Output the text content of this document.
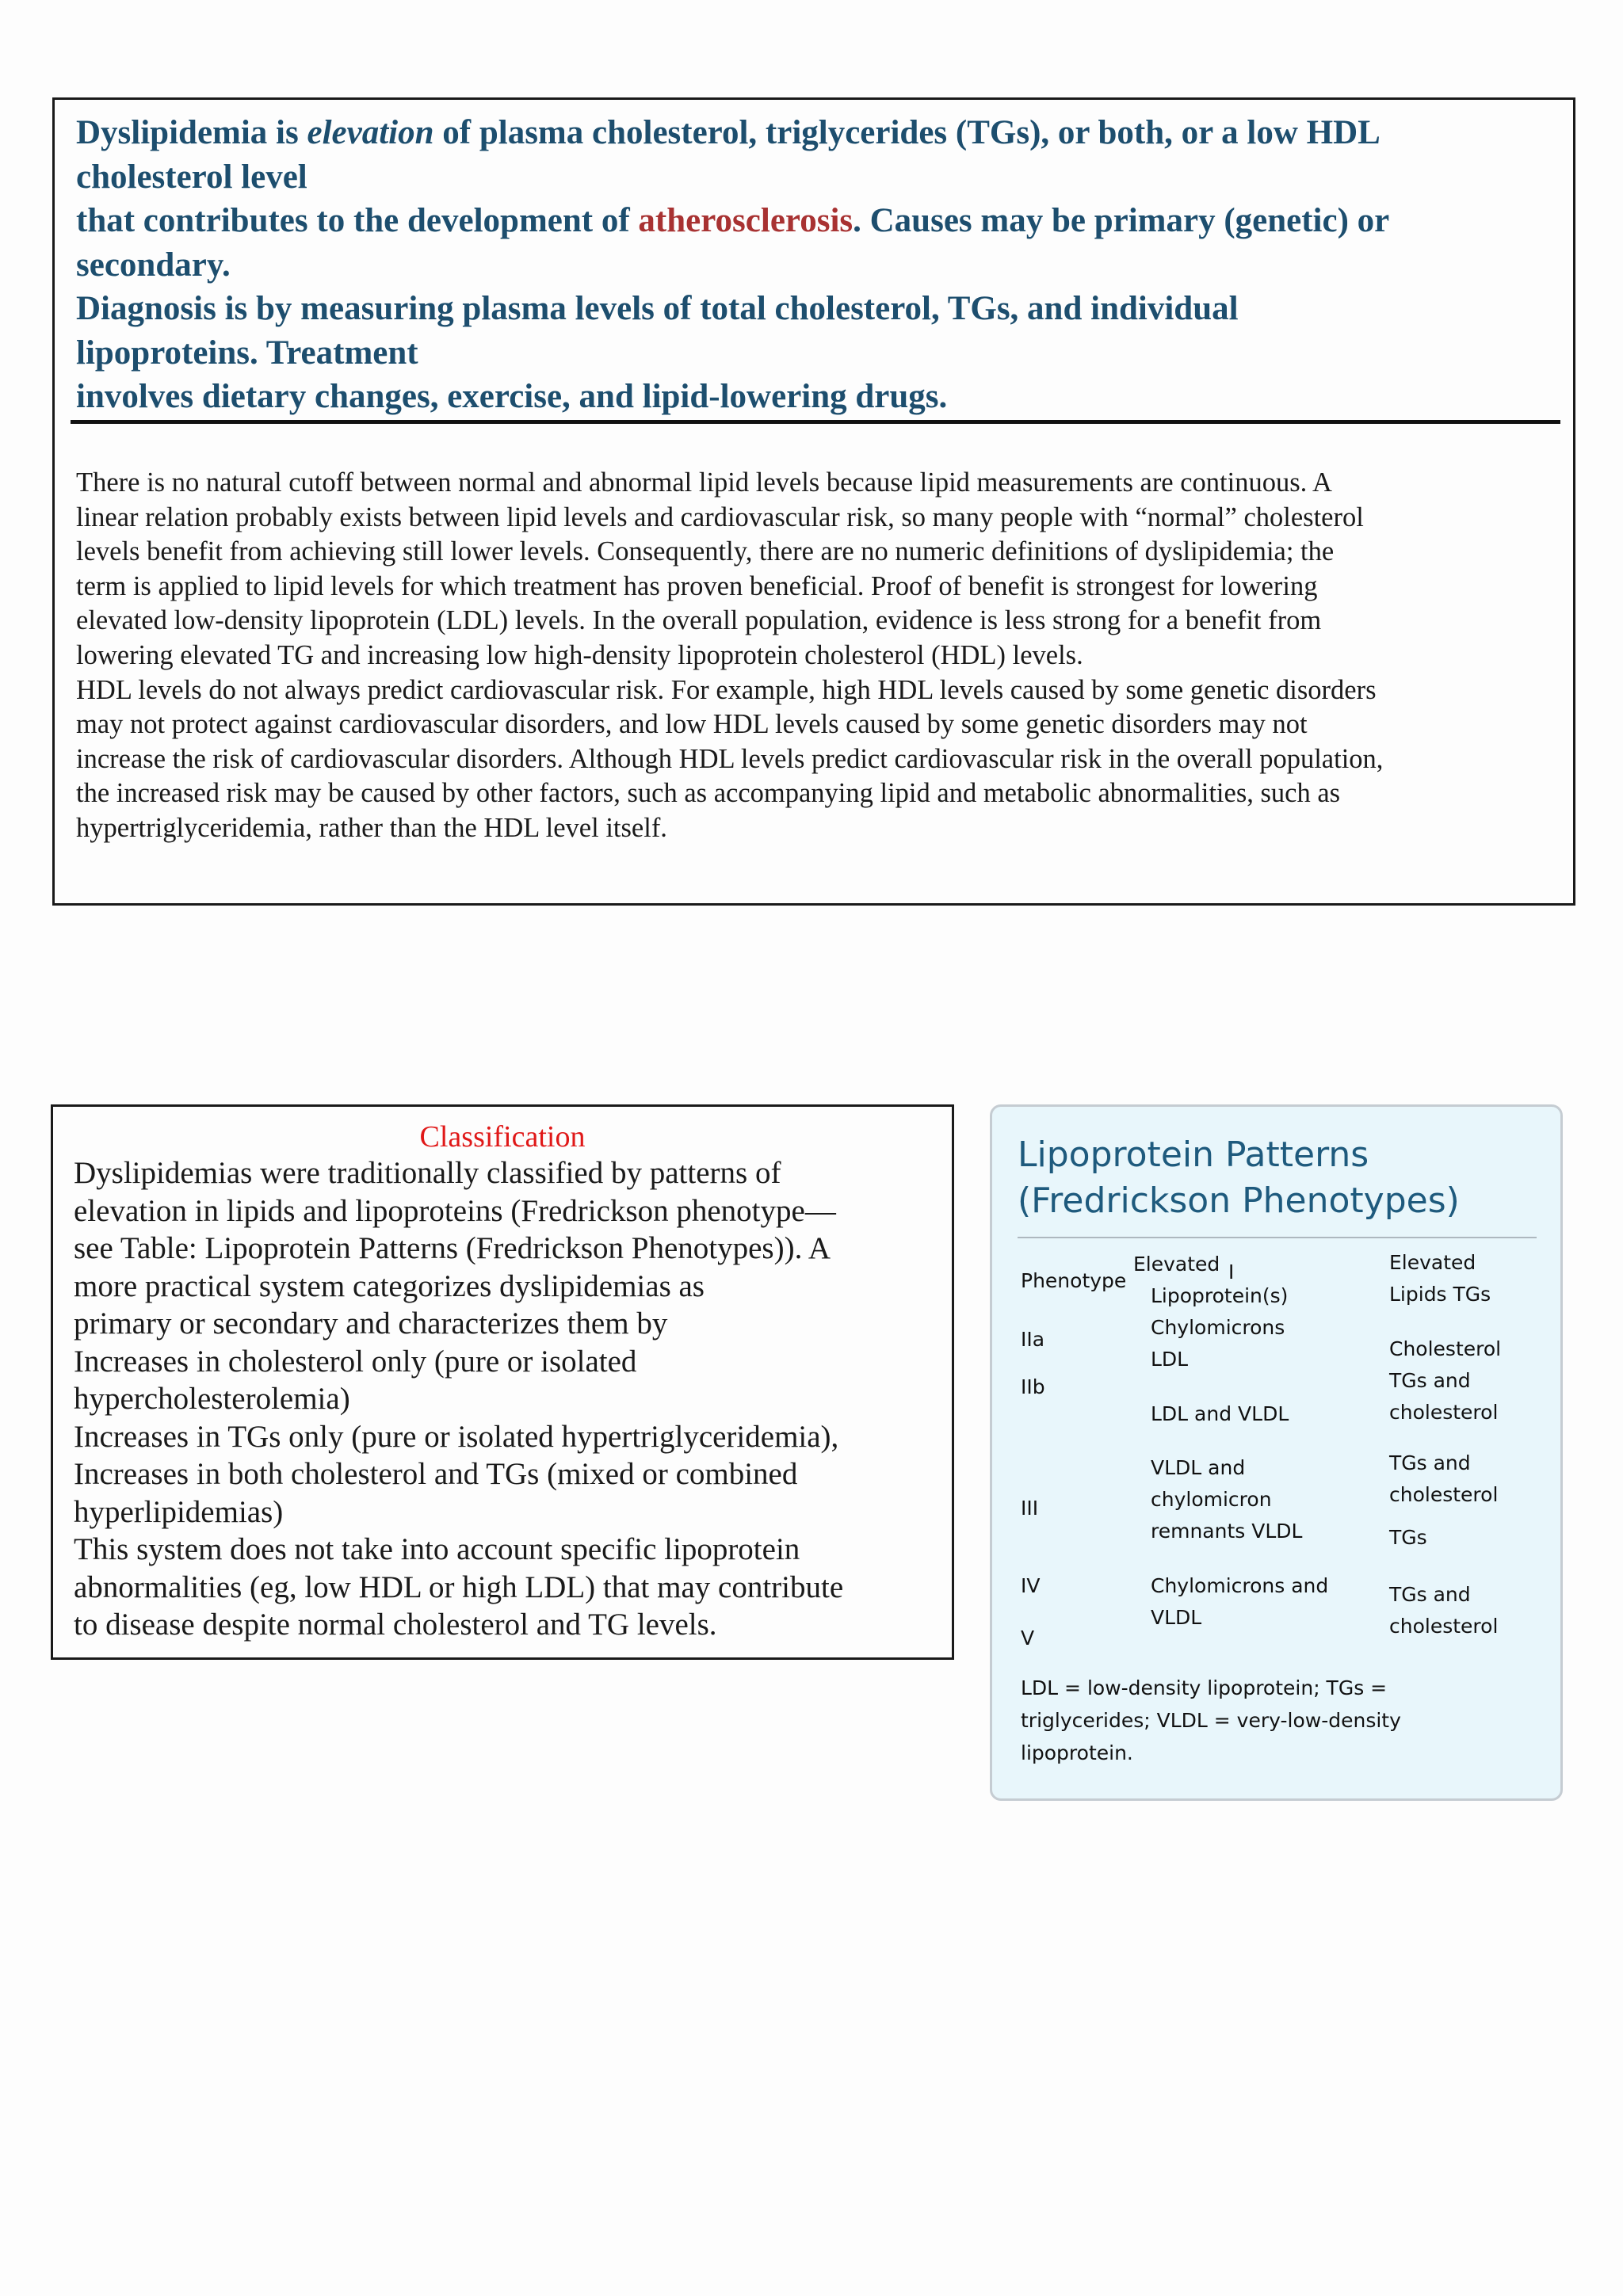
Dyslipidemia is elevation of plasma cholesterol, triglycerides (TGs), or both, or a low HDL
cholesterol level
that contributes to the development of atherosclerosis. Causes may be primary (genetic) or
secondary.
Diagnosis is by measuring plasma levels of total cholesterol, TGs, and individual
lipoproteins. Treatment
involves dietary changes, exercise, and lipid-lowering drugs.
There is no natural cutoff between normal and abnormal lipid levels because lipid measurements are continuous. A
linear relation probably exists between lipid levels and cardiovascular risk, so many people with “normal” cholesterol
levels benefit from achieving still lower levels. Consequently, there are no numeric definitions of dyslipidemia; the
term is applied to lipid levels for which treatment has proven beneficial. Proof of benefit is strongest for lowering
elevated low-density lipoprotein (LDL) levels. In the overall population, evidence is less strong for a benefit from
lowering elevated TG and increasing low high-density lipoprotein cholesterol (HDL) levels.
HDL levels do not always predict cardiovascular risk. For example, high HDL levels caused by some genetic disorders
may not protect against cardiovascular disorders, and low HDL levels caused by some genetic disorders may not
increase the risk of cardiovascular disorders. Although HDL levels predict cardiovascular risk in the overall population,
the increased risk may be caused by other factors, such as accompanying lipid and metabolic abnormalities, such as
hypertriglyceridemia, rather than the HDL level itself.
Classification
Dyslipidemias were traditionally classified by patterns of
elevation in lipids and lipoproteins (Fredrickson phenotype—
see Table: Lipoprotein Patterns (Fredrickson Phenotypes)). A
more practical system categorizes dyslipidemias as
primary or secondary and characterizes them by
Increases in cholesterol only (pure or isolated
hypercholesterolemia)
Increases in TGs only (pure or isolated hypertriglyceridemia),
Increases in both cholesterol and TGs (mixed or combined
hyperlipidemias)
This system does not take into account specific lipoprotein
abnormalities (eg, low HDL or high LDL) that may contribute
to disease despite normal cholesterol and TG levels.
Lipoprotein Patterns
(Fredrickson Phenotypes)
Phenotype
Elevated I
Lipoprotein(s)
Elevated
Lipids TGs
IIa
IIb
III
IV
V
Chylomicrons
LDL
LDL and VLDL
VLDL and
chylomicron
remnants VLDL
Chylomicrons and
VLDL
Cholesterol
TGs and
cholesterol
TGs and
cholesterol
TGs
TGs and
cholesterol
LDL = low-density lipoprotein; TGs = triglycerides; VLDL = very-low-density lipoprotein.
